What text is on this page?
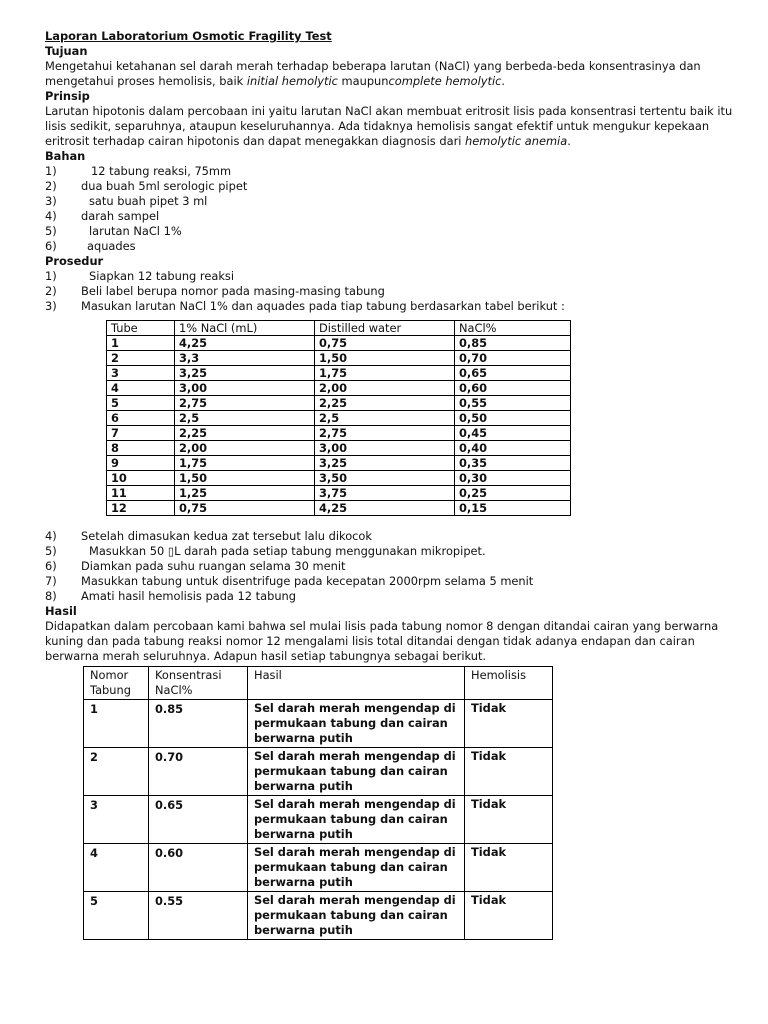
Laporan Laboratorium Osmotic Fragility Test

Tujuan

Mengetahui ketahanan sel darah merah terhadap beberapa larutan (NaCl) yang berbeda-beda konsentrasinya dan mengetahui proses hemolisis, baik initial hemolytic maupuncomplete hemolytic.

Prinsip

Larutan hipotonis dalam percobaan ini yaitu larutan NaCl akan membuat eritrosit lisis pada konsentrasi tertentu baik itu lisis sedikit, separuhnya, ataupun keseluruhannya. Ada tidaknya hemolisis sangat efektif untuk mengukur kepekaan eritrosit terhadap cairan hipotonis dan dapat menegakkan diagnosis dari hemolytic anemia.

Bahan

1)	12 tabung reaksi, 75mm
2)	dua buah 5ml serologic pipet
3)	satu buah pipet 3 ml
4)	darah sampel
5)	larutan NaCl 1%
6)	aquades

Prosedur

1)	Siapkan 12 tabung reaksi
2)	Beli label berupa nomor pada masing-masing tabung
3)	Masukan larutan NaCl 1% dan aquades pada tiap tabung berdasarkan tabel berikut :
Tube	1% NaCl (mL)	Distilled water	NaCl%
1	4,25	0,75	0,85
2	3,3	1,50	0,70
3	3,25	1,75	0,65
4	3,00	2,00	0,60
5	2,75	2,25	0,55
6	2,5	2,5	0,50
7	2,25	2,75	0,45
8	2,00	3,00	0,40
9	1,75	3,25	0,35
10	1,50	3,50	0,30
11	1,25	3,75	0,25
12	0,75	4,25	0,15
4)	Setelah dimasukan kedua zat tersebut lalu dikocok
5)	Masukkan 50 ▯L darah pada setiap tabung menggunakan mikropipet.
6)	Diamkan pada suhu ruangan selama 30 menit
7)	Masukkan tabung untuk disentrifuge pada kecepatan 2000rpm selama 5 menit
8)	Amati hasil hemolisis pada 12 tabung

Hasil

Didapatkan dalam percobaan kami bahwa sel mulai lisis pada tabung nomor 8 dengan ditandai cairan yang berwarna kuning dan pada tabung reaksi nomor 12 mengalami lisis total ditandai dengan tidak adanya endapan dan cairan berwarna merah seluruhnya. Adapun hasil setiap tabungnya sebagai berikut.

Nomor Tabung	Konsentrasi NaCl%	Hasil	Hemolisis
1	0.85	Sel darah merah mengendap di permukaan tabung dan cairan berwarna putih	Tidak
2	0.70	Sel darah merah mengendap di permukaan tabung dan cairan berwarna putih	Tidak
3	0.65	Sel darah merah mengendap di permukaan tabung dan cairan berwarna putih	Tidak
4	0.60	Sel darah merah mengendap di permukaan tabung dan cairan berwarna putih	Tidak
5	0.55	Sel darah merah mengendap di permukaan tabung dan cairan berwarna putih	Tidak
